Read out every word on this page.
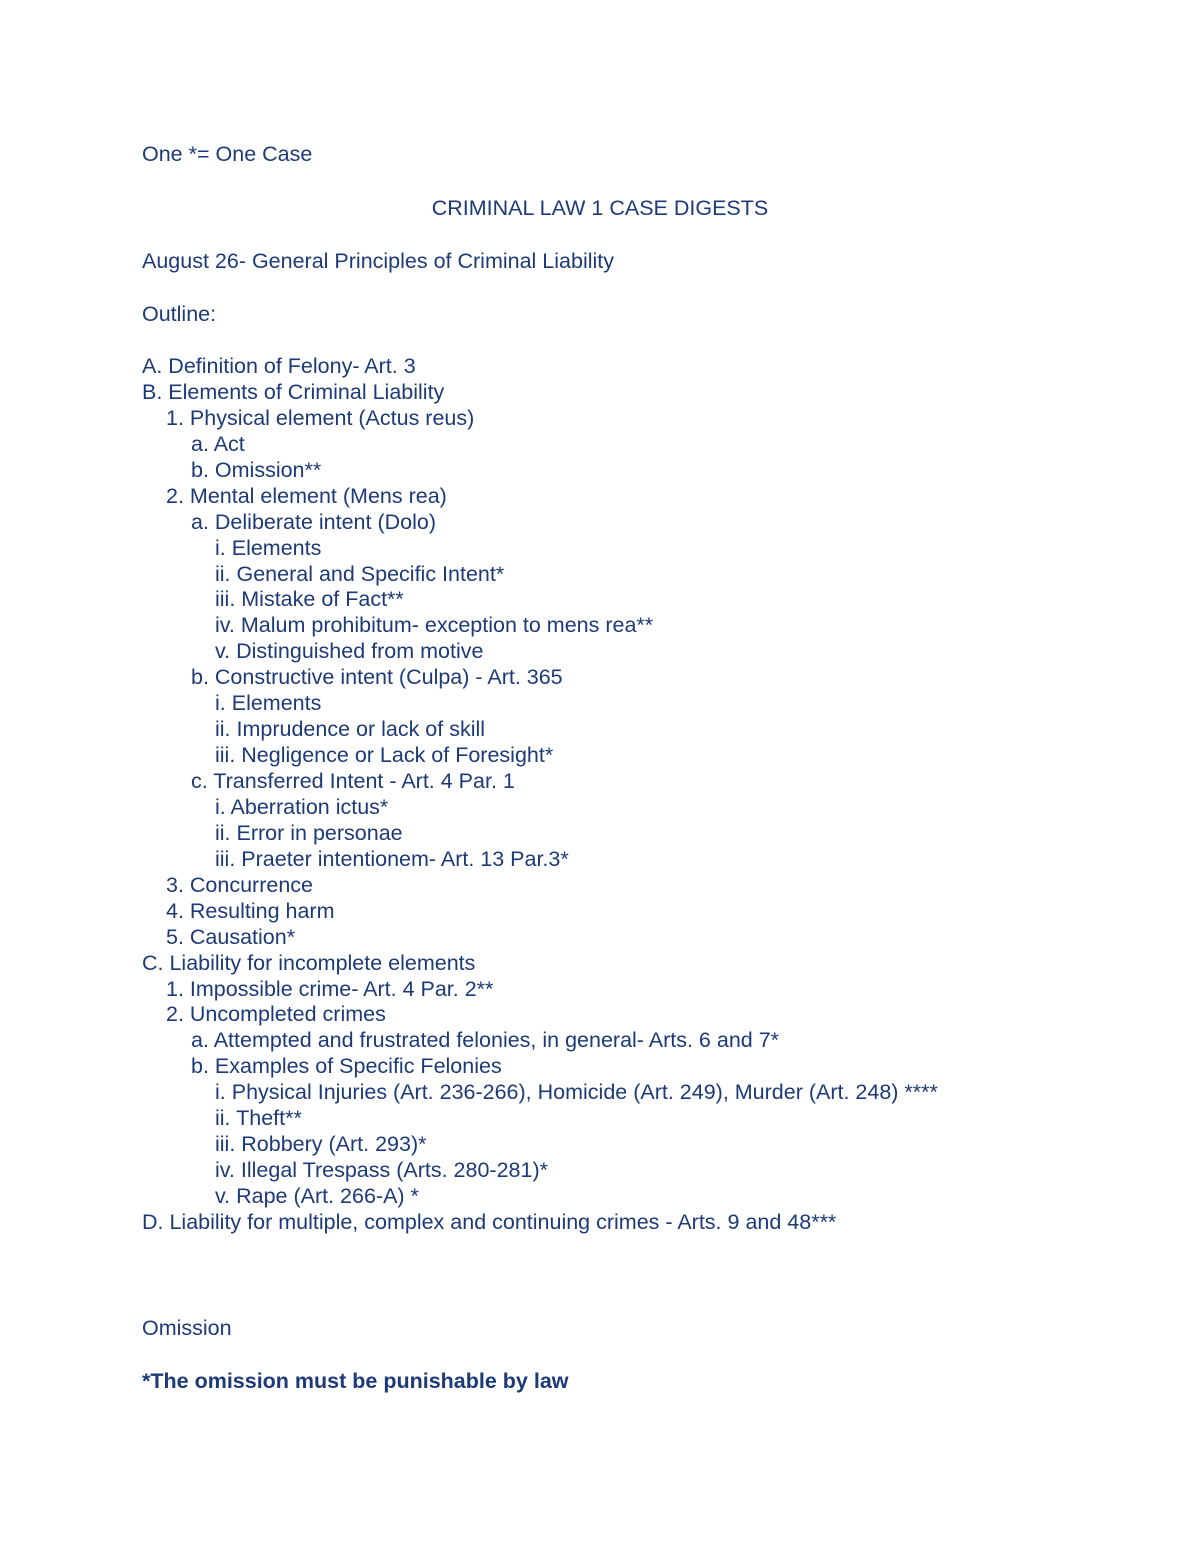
One *= One Case
CRIMINAL LAW 1 CASE DIGESTS
August 26- General Principles of Criminal Liability
Outline:
A. Definition of Felony- Art. 3
B. Elements of Criminal Liability
1. Physical element (Actus reus)
a. Act
b. Omission**
2. Mental element (Mens rea)
a. Deliberate intent (Dolo)
i. Elements
ii. General and Specific Intent*
iii. Mistake of Fact**
iv. Malum prohibitum- exception to mens rea**
v. Distinguished from motive
b. Constructive intent (Culpa) - Art. 365
i. Elements
ii. Imprudence or lack of skill
iii. Negligence or Lack of Foresight*
c. Transferred Intent - Art. 4 Par. 1
i. Aberration ictus*
ii. Error in personae
iii. Praeter intentionem- Art. 13 Par.3*
3. Concurrence
4. Resulting harm
5. Causation*
C. Liability for incomplete elements
1. Impossible crime- Art. 4 Par. 2**
2. Uncompleted crimes
a. Attempted and frustrated felonies, in general- Arts. 6 and 7*
b. Examples of Specific Felonies
i. Physical Injuries (Art. 236-266), Homicide (Art. 249), Murder (Art. 248) ****
ii. Theft**
iii. Robbery (Art. 293)*
iv. Illegal Trespass (Arts. 280-281)*
v. Rape (Art. 266-A) *
D. Liability for multiple, complex and continuing crimes - Arts. 9 and 48***
Omission
*The omission must be punishable by law
